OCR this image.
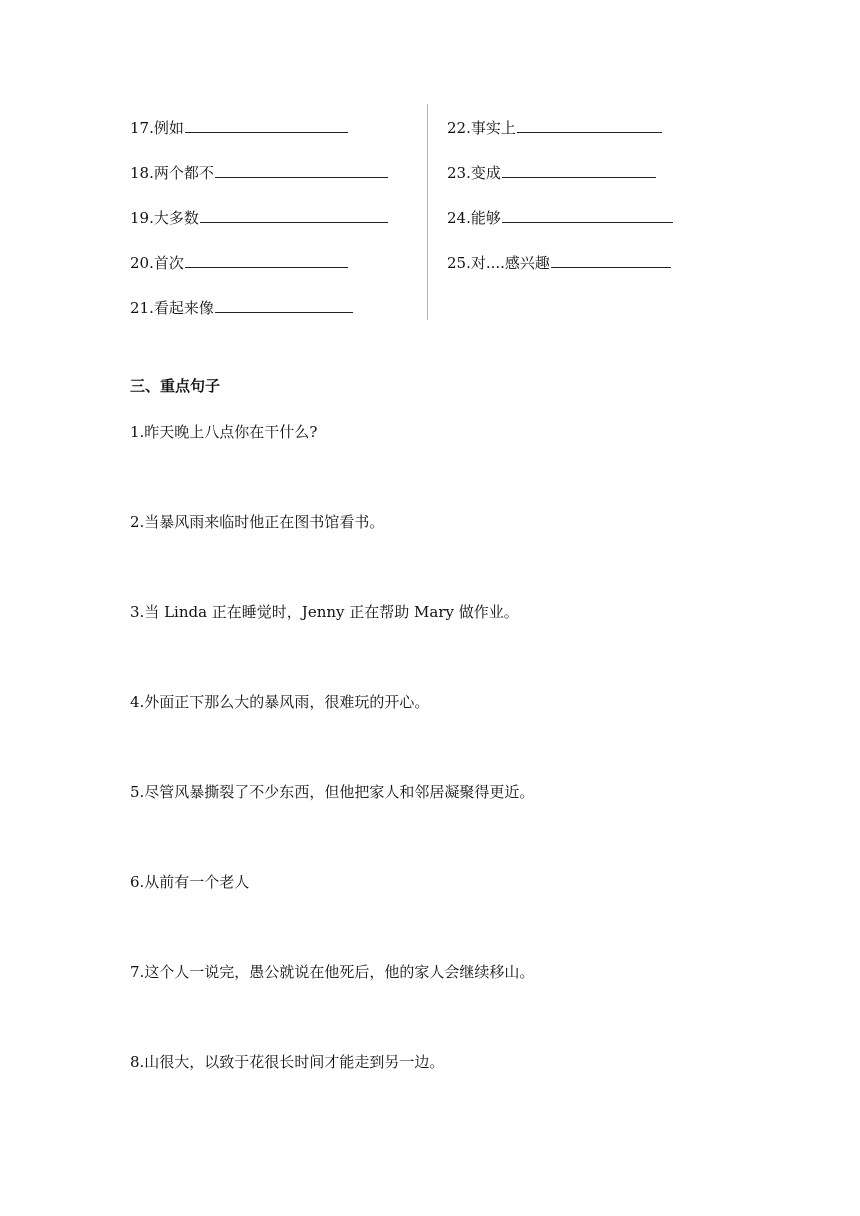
17.例如
18.两个都不
19.大多数
20.首次
21.看起来像
22.事实上
23.变成
24.能够
25.对....感兴趣
三、重点句子
1.昨天晚上八点你在干什么?
2.当暴风雨来临时他正在图书馆看书。
3.当 Linda 正在睡觉时，Jenny 正在帮助 Mary 做作业。
4.外面正下那么大的暴风雨，很难玩的开心。
5.尽管风暴撕裂了不少东西，但他把家人和邻居凝聚得更近。
6.从前有一个老人
7.这个人一说完，愚公就说在他死后，他的家人会继续移山。
8.山很大，以致于花很长时间才能走到另一边。
